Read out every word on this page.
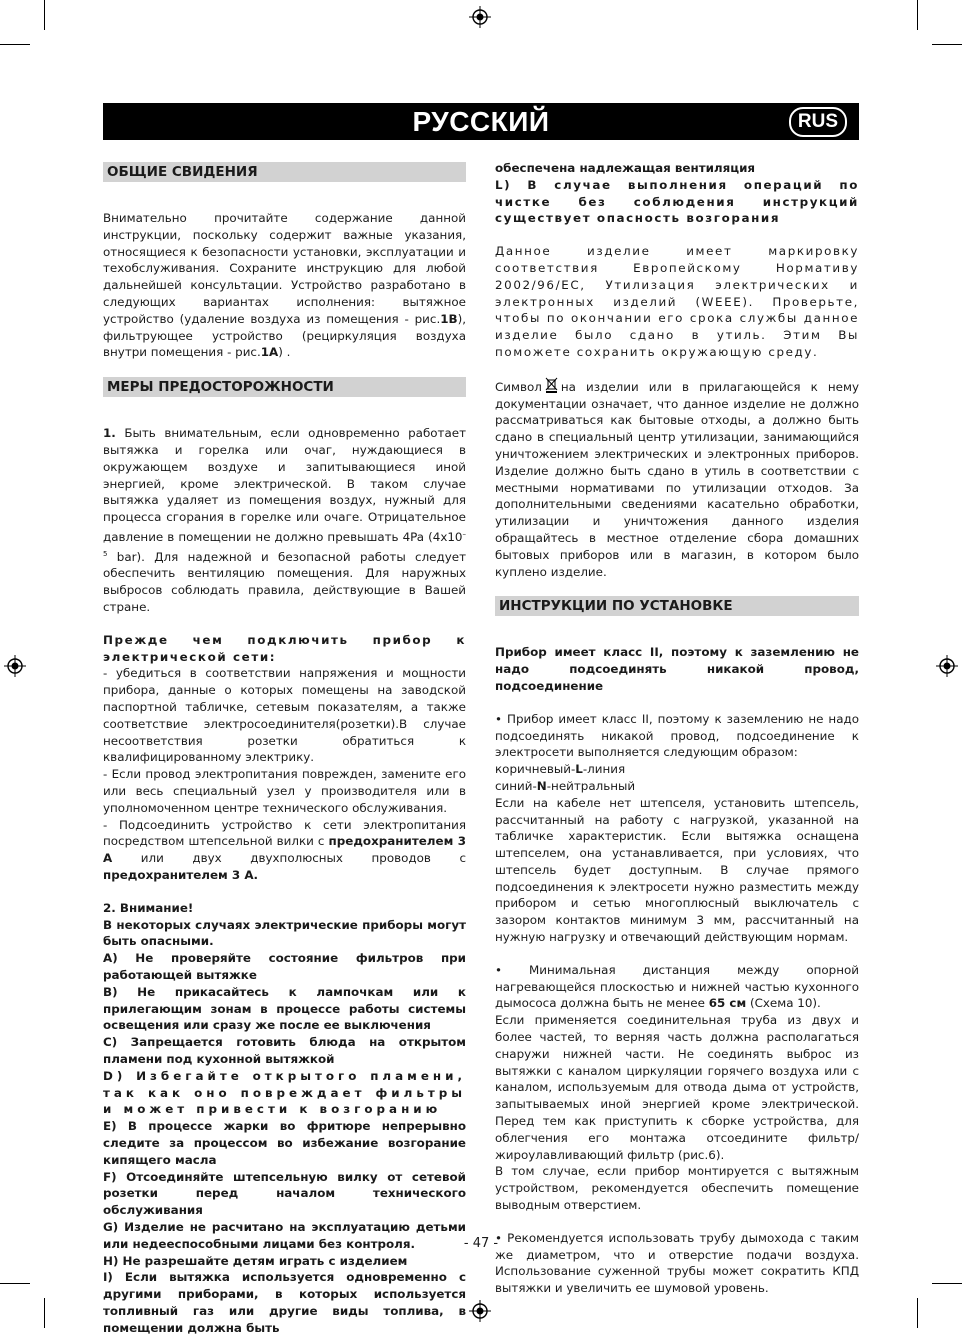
РУССКИЙ	RUS
ОБЩИЕ СВИДЕНИЯ

Внимательно прочитайте содержание данной инструкции, поскольку содержит важные указания, относящиеся к безопасности установки, эксплуатации и техобслуживания. Сохраните инструкцию для любой дальнейшей консультации. Устройство разработано в следующих вариантах исполнения: вытяжное устройство (удаление воздуха из помещения - рис.1B), фильтрующее устройство (рециркуляция воздуха внутри помещения - рис.1A) .

МЕРЫ ПРЕДОСТОРОЖНОСТИ

1. Быть внимательным, если одновременно работает вытяжка и горелка или очаг, нуждающиеся в окружающем воздухе и запитывающиеся иной энергией, кроме электрической. В таком случае вытяжка удаляет из помещения воздух, нужный для процесса сгорания в горелке или очаге. Отрицательное давление в помещении не должно превышать 4Pa ($4x10^{-5}$ bar). Для надежной и безопасной работы следует обеспечить вентиляцию помещения. Для наружных выбросов соблюдать правила, действующие в Вашей стране.

Прежде чем подключить прибор к электрической сети:

- убедиться в соответствии напряжения и мощности прибора, данные о которых помещены на заводской паспортной табличке, сетевым показателям, а также соответствие электросоединителя(розетки).В случае несоответствия розетки обратиться к квалифицированному электрику.

- Если провод электропитания поврежден, замените его или весь специальный узел у производителя или в уполномоченном центре технического обслуживания.

- Подсоединить устройство к сети электропитания посредством штепсельной вилки с предохранителем 3 А или двух двухполюсных проводов с предохранителем 3 А.

2. Внимание!

В некоторых случаях электрические приборы могут быть опасными.

A) Не проверяйте состояние фильтров при работающей вытяжке

B) Не прикасайтесь к лампочкам или к прилегающим зонам в процессе работы системы освещения или сразу же после ее выключения

C) Запрещается готовить блюда на открытом пламени под кухонной вытяжкой

D) Избегайте открытого пламени, так как оно повреждает фильтры и может привести к возгоранию

E) В процессе жарки во фритюре непрерывно следите за процессом во избежание возгорание кипящего масла

F) Отсоединяйте штепсельную вилку от сетевой розетки перед началом технического обслуживания

G) Изделие не расчитано на эксплуатацию детьми или недееспособными лицами без контроля.

H) Не разрешайте детям играть с изделием

I) Если вытяжка используется одновременно с другими приборами, в которых используется топливный газ или другие виды топлива, в помещении должна быть

обеспечена надлежащая вентиляция

L) В случае выполнения операций по чистке без соблюдения инструкций существует опасность возгорания

Данное изделие имеет маркировку соответствия Европейскому Нормативу 2002/96/ЕС, Утилизация электрических и электронных изделий (WEEE). Проверьте, чтобы по окончании его срока службы данное изделие было сдано в утиль. Этим Вы поможете сохранить окружающую среду.

Символ на изделии или в прилагающейся к нему документации означает, что данное изделие не должно рассматриваться как бытовые отходы, а должно быть сдано в специальный центр утилизации, занимающийся уничтожением электрических и электронных приборов. Изделие должно быть сдано в утиль в соответствии с местными нормативами по утилизации отходов. За дополнительными сведениями касательно обработки, утилизации и уничтожения данного изделия обращайтесь в местное отделение сбора домашних бытовых приборов или в магазин, в котором было куплено изделие.

ИНСТРУКЦИИ ПО УСТАНОВКЕ

Прибор имеет класс II, поэтому к заземлению не надо подсоединять никакой провод, подсоединение

• Прибор имеет класс II, поэтому к заземлению не надо подсоединять никакой провод, подсоединение к электросети выполняется следующим образом:

коричневый-L-линия

синий-N-нейтральный

Если на кабеле нет штепселя, установить штепсель, рассчитанный на работу с нагрузкой, указанной на табличке характеристик. Если вытяжка оснащена штепселем, она устанавливается, при условиях, что штепсель будет доступным. В случае прямого подсоединения к электросети нужно разместить между прибором и сетью многоплюсный выключатель с зазором контактов минимум 3 мм, рассчитанный на нужную нагрузку и отвечающий действующим нормам.

• Минимальная дистанция между опорной нагревающейся плоскостью и нижней частью кухонного дымососа должна быть не менее 65 см (Схема 10).

Если применяется соединительная труба из двух и более частей, то верняя часть должна располагаться снаружи нижней части. Не соединять выброс из вытяжки с каналом циркуляции горячего воздуха или с каналом, используемым для отвода дыма от устройств, запытываемых иной энергией кроме электрической. Перед тем как приступить к сборке устройства, для облегчения его монтажа отсоедините фильтр/жироулавливающий фильтр (рис.6).

В том случае, если прибор монтируется с вытяжным устройством, рекомендуется обеспечить помещение выводным отверстием.

• Рекомендуется использовать трубу дымохода с таким же диаметром, что и отверстие подачи воздуха. Использование суженной трубы может сократить КПД вытяжки и увеличить ее шумовой уровень.

- 47 -
